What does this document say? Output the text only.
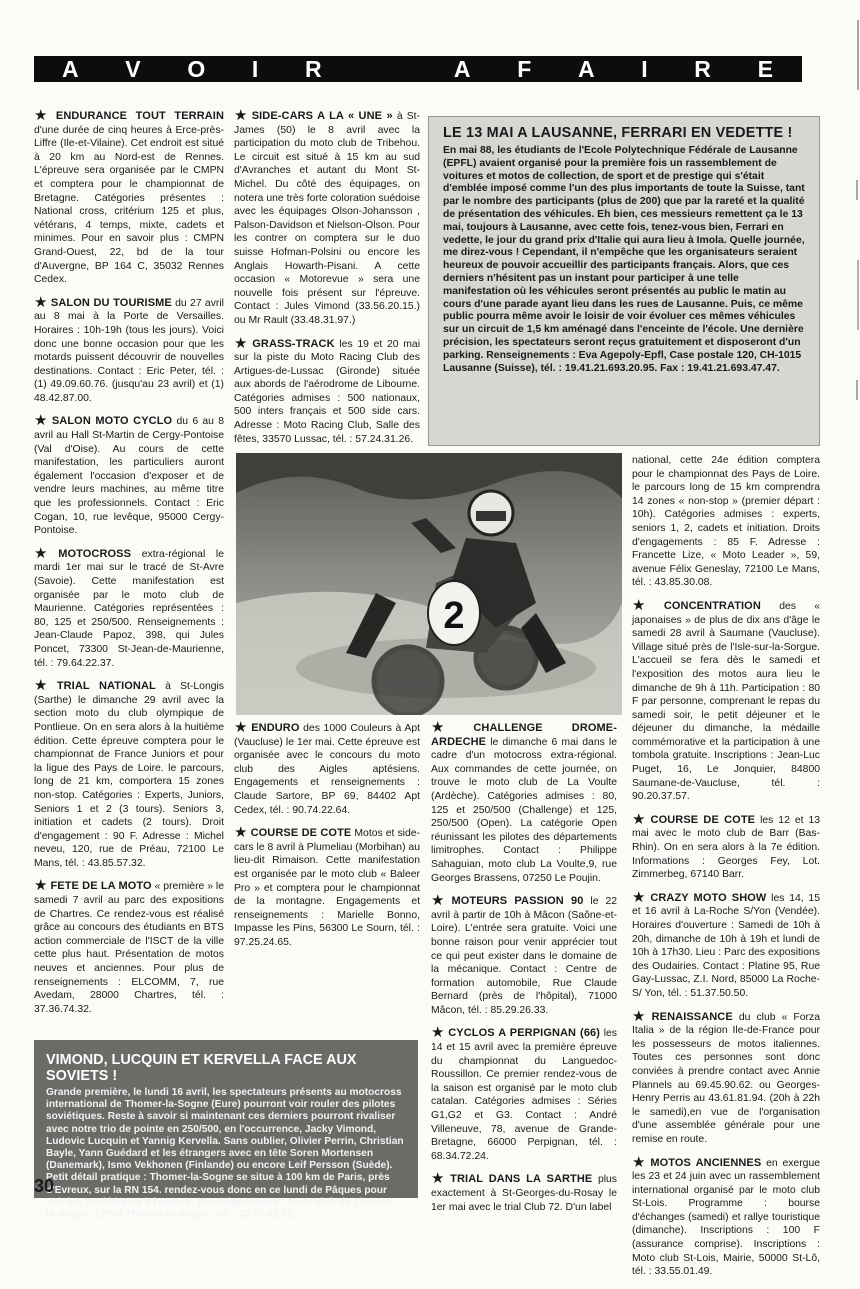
A V O I R	A F A I R E
★ ENDURANCE TOUT TERRAIN d'une durée de cinq heures à Erce-près-Liffre (Ile-et-Vilaine). Cet endroit est situé à 20 km au Nord-est de Rennes. L'épreuve sera organisée par le CMPN et comptera pour le championnat de Bretagne. Catégories présentes : National cross, critérium 125 et plus, vétérans, 4 temps, mixte, cadets et minimes. Pour en savoir plus : CMPN Grand-Ouest, 22, bd de la tour d'Auvergne, BP 164 C, 35032 Rennes Cedex.
★ SALON DU TOURISME du 27 avril au 8 mai à la Porte de Versailles. Horaires : 10h-19h (tous les jours). Voici donc une bonne occasion pour que les motards puissent découvrir de nouvelles destinations. Contact : Eric Peter, tél. : (1) 49.09.60.76. (jusqu'au 23 avril) et (1) 48.42.87.00.
★ SALON MOTO CYCLO du 6 au 8 avril au Hall St-Martin de Cergy-Pontoise (Val d'Oise). Au cours de cette manifestation, les particuliers auront également l'occasion d'exposer et de vendre leurs machines, au même titre que les professionnels. Contact : Eric Cogan, 10, rue levêque, 95000 Cergy-Pontoise.
★ MOTOCROSS extra-régional le mardi 1er mai sur le tracé de St-Avre (Savoie). Cette manifestation est organisée par le moto club de Maurienne. Catégories représentées : 80, 125 et 250/500. Renseignements : Jean-Claude Papoz, 398, qui Jules Poncet, 73300 St-Jean-de-Maurienne, tél. : 79.64.22.37.
★ TRIAL NATIONAL à St-Longis (Sarthe) le dimanche 29 avril avec la section moto du club olympique de Pontlieue. On en sera alors à la huitième édition. Cette épreuve comptera pour le championnat de France Juniors et pour la ligue des Pays de Loire. le parcours, long de 21 km, comportera 15 zones non-stop. Catégories : Experts, Juniors, Seniors 1 et 2 (3 tours). Seniors 3, initiation et cadets (2 tours). Droit d'engagement : 90 F. Adresse : Michel neveu, 120, rue de Préau, 72100 Le Mans, tél. : 43.85.57.32.
★ FETE DE LA MOTO « première » le samedi 7 avril au parc des expositions de Chartres. Ce rendez-vous est réalisé grâce au concours des étudiants en BTS action commerciale de l'ISCT de la ville cette plus haut. Présentation de motos neuves et anciennes. Pour plus de renseignements : ELCOMM, 7, rue Avedam, 28000 Chartres, tél. : 37.36.74.32.
★ SIDE-CARS A LA « UNE » à St-James (50) le 8 avril avec la participation du moto club de Tribehou. Le circuit est situé à 15 km au sud d'Avranches et autant du Mont St-Michel. Du côté des équipages, on notera une très forte coloration suédoise avec les équipages Olson-Johansson , Palson-Davidson et Nielson-Olson. Pour les contrer on comptera sur le duo suisse Hofman-Polsini ou encore les Anglais Howarth-Pisani. A cette occasion « Motorevue » sera une nouvelle fois présent sur l'épreuve. Contact : Jules Vimond (33.56.20.15.) ou Mr Rault (33.48.31.97.)
★ GRASS-TRACK les 19 et 20 mai sur la piste du Moto Racing Club des Artigues-de-Lussac (Gironde) située aux abords de l'aérodrome de Libourne. Catégories admises : 500 nationaux, 500 inters français et 500 side cars. Adresse : Moto Racing Club, Salle des fêtes, 33570 Lussac, tél. : 57.24.31.26.
★ ENDURO des 1000 Couleurs à Apt (Vaucluse) le 1er mai. Cette épreuve est organisée avec le concours du moto club des Aigles aptésiens. Engagements et renseignements : Claude Sartore, BP 69, 84402 Apt Cedex, tél. : 90.74.22.64.
★ COURSE DE COTE Motos et side-cars le 8 avril à Plumeliau (Morbihan) au lieu-dit Rimaison. Cette manifestation est organisée par le moto club « Baleer Pro » et comptera pour le championnat de la montagne. Engagements et renseignements : Marielle Bonno, Impasse les Pins, 56300 Le Sourn, tél. : 97.25.24.65.
★ CHALLENGE DROME-ARDECHE le dimanche 6 mai dans le cadre d'un motocross extra-régional. Aux commandes de cette journée, on trouve le moto club de La Voulte (Ardèche). Catégories admises : 80, 125 et 250/500 (Challenge) et 125, 250/500 (Open). La catégorie Open réunissant les pilotes des départements limitrophes. Contact : Philippe Sahaguian, moto club La Voulte,9, rue Georges Brassens, 07250 Le Poujin.
★ MOTEURS PASSION 90 le 22 avril à partir de 10h à Mâcon (Saône-et-Loire). L'entrée sera gratuite. Voici une bonne raison pour venir apprécier tout ce qui peut exister dans le domaine de la mécanique. Contact : Centre de formation automobile, Rue Claude Bernard (près de l'hôpital), 71000 Mâcon, tél. : 85.29.26.33.
★ CYCLOS A PERPIGNAN (66) les 14 et 15 avril avec la première épreuve du championnat du Languedoc-Roussillon. Ce premier rendez-vous de la saison est organisé par le moto club catalan. Catégories admises : Séries G1,G2 et G3. Contact : André Villeneuve, 78, avenue de Grande-Bretagne, 66000 Perpignan, tél. : 68.34.72.24.
★ TRIAL DANS LA SARTHE plus exactement à St-Georges-du-Rosay le 1er mai avec le trial Club 72. D'un label
national, cette 24e édition comptera pour le championnat des Pays de Loire. le parcours long de 15 km comprendra 14 zones « non-stop » (premier départ : 10h). Catégories admises : experts, seniors 1, 2, cadets et initiation. Droits d'engagements : 85 F. Adresse : Francette Lize, « Moto Leader », 59, avenue Félix Geneslay, 72100 Le Mans, tél. : 43.85.30.08.
★ CONCENTRATION des « japonaises » de plus de dix ans d'âge le samedi 28 avril à Saumane (Vaucluse). Village situé près de l'Isle-sur-la-Sorgue. L'accueil se fera dès le samedi et l'exposition des motos aura lieu le dimanche de 9h à 11h. Participation : 80 F par personne, comprenant le repas du samedi soir, le petit déjeuner et le déjeuner du dimanche, la médaille commémorative et la participation à une tombola gratuite. Inscriptions : Jean-Luc Puget, 16, Le Jonquier, 84800 Saumane-de-Vaucluse, tél. : 90.20.37.57.
★ COURSE DE COTE les 12 et 13 mai avec le moto club de Barr (Bas-Rhin). On en sera alors à la 7e édition. Informations : Georges Fey, Lot. Zimmerbeg, 67140 Barr.
★ CRAZY MOTO SHOW les 14, 15 et 16 avril à La-Roche S/Yon (Vendée). Horaires d'ouverture : Samedi de 10h à 20h, dimanche de 10h à 19h et lundi de 10h à 17h30. Lieu : Parc des expositions des Oudairies. Contact : Platine 95, Rue Gay-Lussac, Z.I. Nord, 85000 La Roche-S/ Yon, tél. : 51.37.50.50.
★ RENAISSANCE du club « Forza Italia » de la région Ile-de-France pour les possesseurs de motos italiennes. Toutes ces personnes sont donc conviées à prendre contact avec Annie Plannels au 69.45.90.62. ou Georges-Henry Perris au 43.61.81.94. (20h à 22h le samedi),en vue de l'organisation d'une assemblée générale pour une remise en route.
★ MOTOS ANCIENNES en exergue les 23 et 24 juin avec un rassemblement international organisé par le moto club St-Lois. Programme : bourse d'échanges (samedi) et rallye touristique (dimanche). Inscriptions : 100 F (assurance comprise). Inscriptions : Moto club St-Lois, Mairie, 50000 St-Lô, tél. : 33.55.01.49.
LE 13 MAI A LAUSANNE, FERRARI EN VEDETTE !
En mai 88, les étudiants de l'Ecole Polytechnique Fédérale de Lausanne (EPFL) avaient organisé pour la première fois un rassemblement de voitures et motos de collection, de sport et de prestige qui s'était d'emblée imposé comme l'un des plus importants de toute la Suisse, tant par le nombre des participants (plus de 200) que par la rareté et la qualité de présentation des véhicules. Eh bien, ces messieurs remettent ça le 13 mai, toujours à Lausanne, avec cette fois, tenez-vous bien, Ferrari en vedette, le jour du grand prix d'Italie qui aura lieu à Imola. Quelle journée, me direz-vous ! Cependant, il n'empêche que les organisateurs seraient heureux de pouvoir accueillir des participants français. Alors, que ces derniers n'hésitent pas un instant pour participer à une telle manifestation où les véhicules seront présentés au public le matin au cours d'une parade ayant lieu dans les rues de Lausanne. Puis, ce même public pourra même avoir le loisir de voir évoluer ces mêmes véhicules sur un circuit de 1,5 km aménagé dans l'enceinte de l'école. Une dernière précision, les spectateurs seront reçus gratuitement et disposeront d'un parking. Renseignements : Eva Agepoly-Epfl, Case postale 120, CH-1015 Lausanne (Suisse), tél. : 19.41.21.693.20.95. Fax : 19.41.21.693.47.47.
2
VIMOND, LUCQUIN ET KERVELLA FACE AUX SOVIETS !
Grande première, le lundi 16 avril, les spectateurs présents au motocross international de Thomer-la-Sogne (Eure) pourront voir rouler des pilotes soviétiques. Reste à savoir si maintenant ces derniers pourront rivaliser avec notre trio de pointe en 250/500, en l'occurrence, Jacky Vimond, Ludovic Lucquin et Yannig Kervella. Sans oublier, Olivier Perrin, Christian Bayle, Yann Guédard et les étrangers avec en tête Soren Mortensen (Danemark), Ismo Vekhonen (Finlande) ou encore Leif Persson (Suède). Petit détail pratique : Thomer-la-Sogne se situe à 100 km de Paris, près d'Evreux, sur la RN 154. rendez-vous donc en ce lundi de Pâques pour voir les Soviétiques à l'oeuvre. Renseignements : Moto club de Thomer-la-Sogne, 27240 Thomer-la-Sogne, tél. : 32.67.41.51.
30
